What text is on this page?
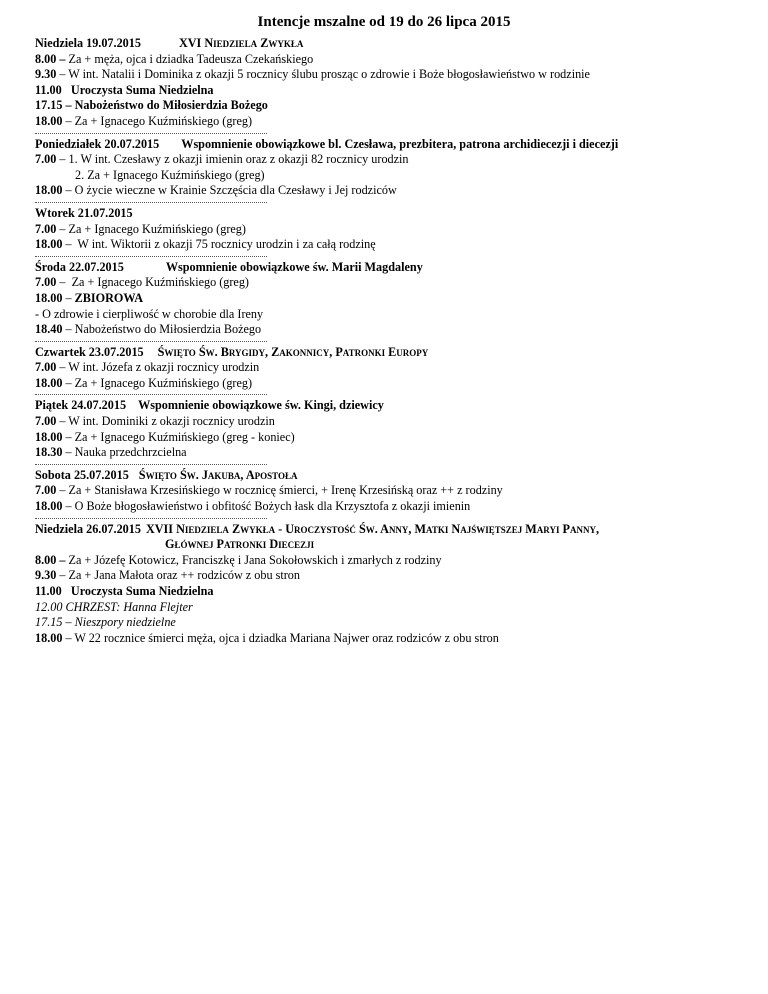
Intencje mszalne od 19 do 26 lipca 2015
Niedziela 19.07.2015	XVI Niedziela Zwykła
8.00 – Za + męża, ojca i dziadka Tadeusza Czekańskiego
9.30 – W int. Natalii i Dominika z okazji 5 rocznicy ślubu prosząc o zdrowie i Boże błogosławieństwo w rodzinie
11.00   Uroczysta Suma Niedzielna
17.15 – Nabożeństwo do Miłosierdzia Bożego
18.00 – Za + Ignacego Kuźmińskiego (greg)
Poniedziałek 20.07.2015 Wspomnienie obowiązkowe bl. Czesława, prezbitera, patrona archidiecezji i diecezji
7.00 – 1. W int. Czesławy z okazji imienin oraz z okazji 82 rocznicy urodzin
2. Za + Ignacego Kuźmińskiego (greg)
18.00 – O życie wieczne w Krainie Szczęścia dla Czesławy i Jej rodziców
Wtorek 21.07.2015
7.00 – Za + Ignacego Kuźmińskiego (greg)
18.00 –  W int. Wiktorii z okazji 75 rocznicy urodzin i za całą rodzinę
Środa 22.07.2015	Wspomnienie obowiązkowe św. Marii Magdaleny
7.00 –  Za + Ignacego Kuźmińskiego (greg)
18.00 – ZBIOROWA
- O zdrowie i cierpliwość w chorobie dla Ireny
18.40 – Nabożeństwo do Miłosierdzia Bożego
Czwartek 23.07.2015 Święto Św. Brygidy, Zakonnicy, Patronki Europy
7.00 – W int. Józefa z okazji rocznicy urodzin
18.00 – Za + Ignacego Kuźmińskiego (greg)
Piątek 24.07.2015 Wspomnienie obowiązkowe św. Kingi, dziewicy
7.00 – W int. Dominiki z okazji rocznicy urodzin
18.00 – Za + Ignacego Kuźmińskiego (greg - koniec)
18.30 – Nauka przedchrzcielna
Sobota 25.07.2015 Święto Św. Jakuba, Apostoła
7.00 – Za + Stanisława Krzesińskiego w rocznicę śmierci, + Irenę Krzesińską oraz ++ z rodziny
18.00 – O Boże błogosławieństwo i obfitość Bożych łask dla Krzysztofa z okazji imienin
Niedziela 26.07.2015 XVII Niedziela Zwykła - Uroczystość Św. Anny, Matki Najświętszej Maryi Panny,
Głównej Patronki Diecezji
8.00 – Za + Józefę Kotowicz, Franciszkę i Jana Sokołowskich i zmarłych z rodziny
9.30 – Za + Jana Małota oraz ++ rodziców z obu stron
11.00   Uroczysta Suma Niedzielna
12.00 CHRZEST: Hanna Flejter
17.15 – Nieszpory niedzielne
18.00 – W 22 rocznice śmierci męża, ojca i dziadka Mariana Najwer oraz rodziców z obu stron
